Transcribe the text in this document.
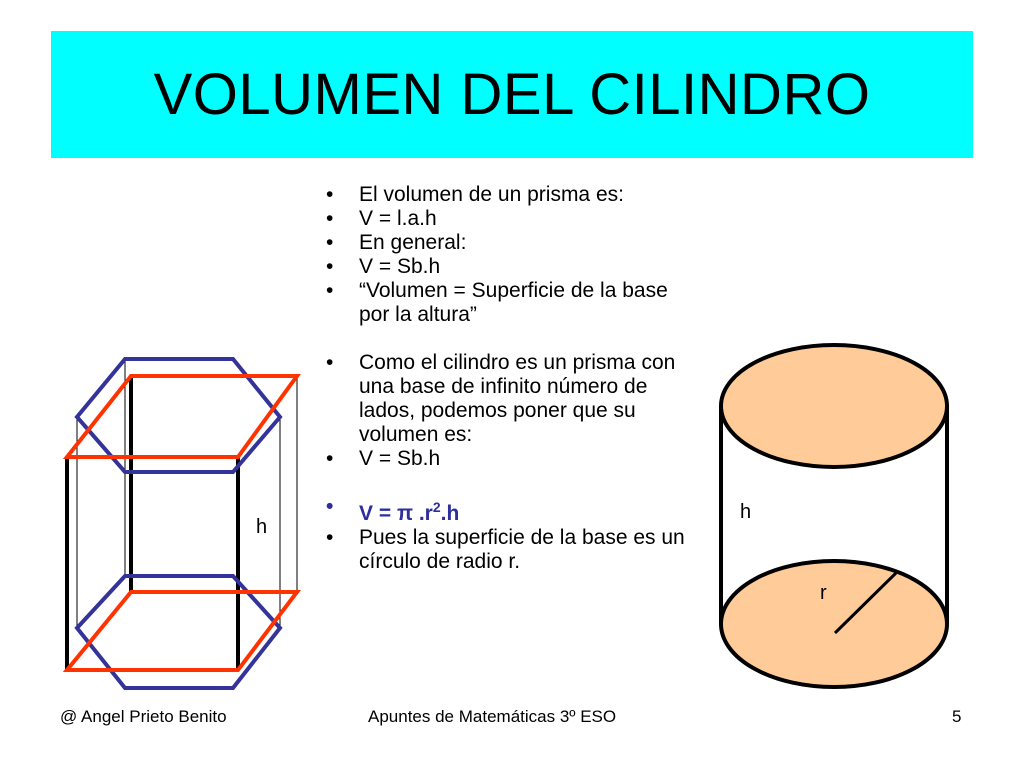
VOLUMEN DEL CILINDRO
h
h
r
• El volumen de un prisma es:
• V = l.a.h
• En general:
• V = Sb.h
• “Volumen = Superficie de la base por la altura”
• Como el cilindro es un prisma con una base de infinito número de lados, podemos poner que su volumen es:
• V = Sb.h
• V = π $.r^2.h$
• Pues la superficie de la base es un círculo de radio r.
@ Angel Prieto Benito	Apuntes de Matemáticas 3º ESO	5
